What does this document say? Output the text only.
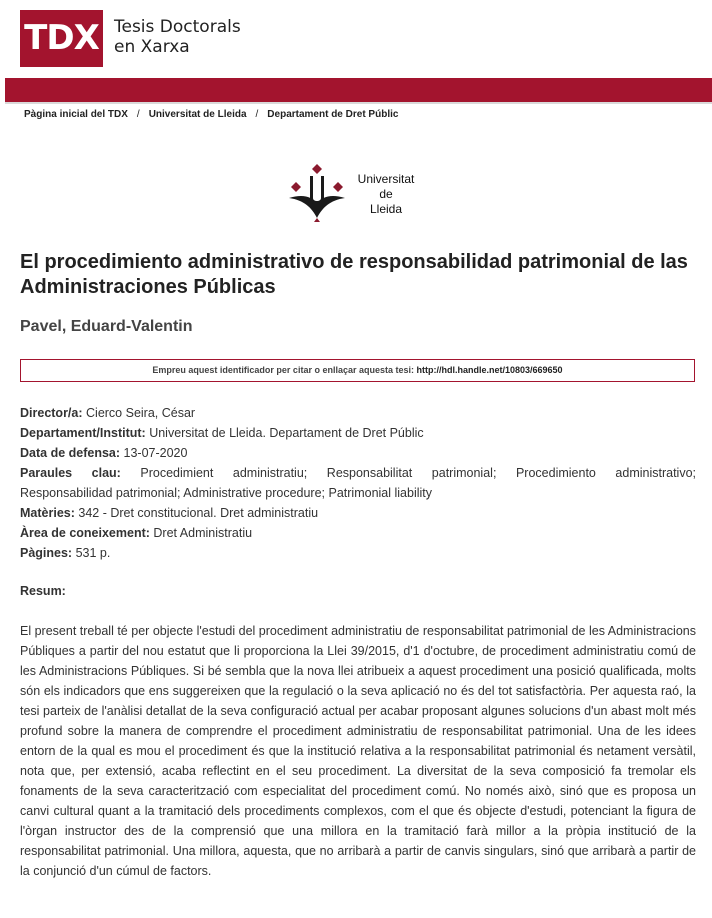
TDX Tesis Doctorals
en Xarxa
Pàgina inicial del TDX / Universitat de Lleida / Departament de Dret Públic
Universitat
de
Lleida
El procedimiento administrativo de responsabilidad patrimonial de las Administraciones Públicas
Pavel, Eduard-Valentin
Empreu aquest identificador per citar o enllaçar aquesta tesi: http://hdl.handle.net/10803/669650
Director/a: Cierco Seira, César
Departament/Institut: Universitat de Lleida. Departament de Dret Públic
Data de defensa: 13-07-2020
Paraules clau: Procedimient administratiu; Responsabilitat patrimonial; Procedimiento administrativo;
Responsabilidad patrimonial; Administrative procedure; Patrimonial liability
Matèries: 342 - Dret constitucional. Dret administratiu
Àrea de coneixement: Dret Administratiu
Pàgines: 531 p.
Resum:

El present treball té per objecte l'estudi del procediment administratiu de responsabilitat patrimonial de les Administracions Públiques a partir del nou estatut que li proporciona la Llei 39/2015, d'1 d'octubre, de procediment administratiu comú de les Administracions Públiques. Si bé sembla que la nova llei atribueix a aquest procediment una posició qualificada, molts són els indicadors que ens suggereixen que la regulació o la seva aplicació no és del tot satisfactòria. Per aquesta raó, la tesi parteix de l'anàlisi detallat de la seva configuració actual per acabar proposant algunes solucions d'un abast molt més profund sobre la manera de comprendre el procediment administratiu de responsabilitat patrimonial. Una de les idees entorn de la qual es mou el procediment és que la institució relativa a la responsabilitat patrimonial és netament versàtil, nota que, per extensió, acaba reflectint en el seu procediment. La diversitat de la seva composició fa tremolar els fonaments de la seva caracterització com especialitat del procediment comú. No només això, sinó que es proposa un canvi cultural quant a la tramitació dels procediments complexos, com el que és objecte d'estudi, potenciant la figura de l'òrgan instructor des de la comprensió que una millora en la tramitació farà millor a la pròpia institució de la responsabilitat patrimonial. Una millora, aquesta, que no arribarà a partir de canvis singulars, sinó que arribarà a partir de la conjunció d'un cúmul de factors.
